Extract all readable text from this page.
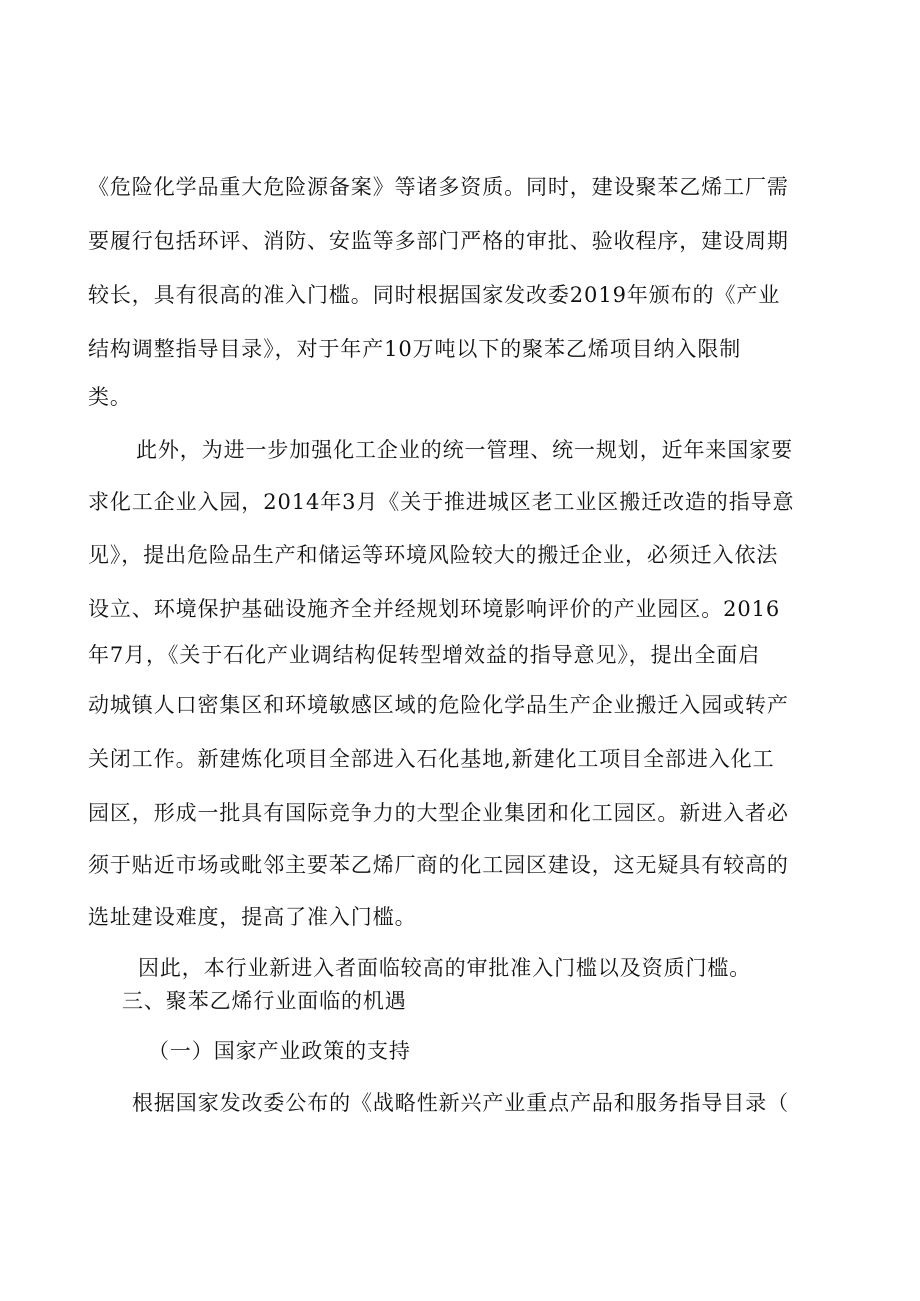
《危险化学品重大危险源备案》等诸多资质。同时，建设聚苯乙烯工厂需
要履行包括环评、消防、安监等多部门严格的审批、验收程序，建设周期
较长，具有很高的准入门槛。同时根据国家发改委2019年颁布的《产业
结构调整指导目录》，对于年产10万吨以下的聚苯乙烯项目纳入限制
类。
此外，为进一步加强化工企业的统一管理、统一规划，近年来国家要
求化工企业入园，2014年3月《关于推进城区老工业区搬迁改造的指导意
见》，提出危险品生产和储运等环境风险较大的搬迁企业，必须迁入依法
设立、环境保护基础设施齐全并经规划环境影响评价的产业园区。2016
年7月，《关于石化产业调结构促转型增效益的指导意见》，提出全面启
动城镇人口密集区和环境敏感区域的危险化学品生产企业搬迁入园或转产
关闭工作。新建炼化项目全部进入石化基地,新建化工项目全部进入化工
园区，形成一批具有国际竞争力的大型企业集团和化工园区。新进入者必
须于贴近市场或毗邻主要苯乙烯厂商的化工园区建设，这无疑具有较高的
选址建设难度，提高了准入门槛。
因此，本行业新进入者面临较高的审批准入门槛以及资质门槛。
三、聚苯乙烯行业面临的机遇
（一）国家产业政策的支持
根据国家发改委公布的《战略性新兴产业重点产品和服务指导目录（
